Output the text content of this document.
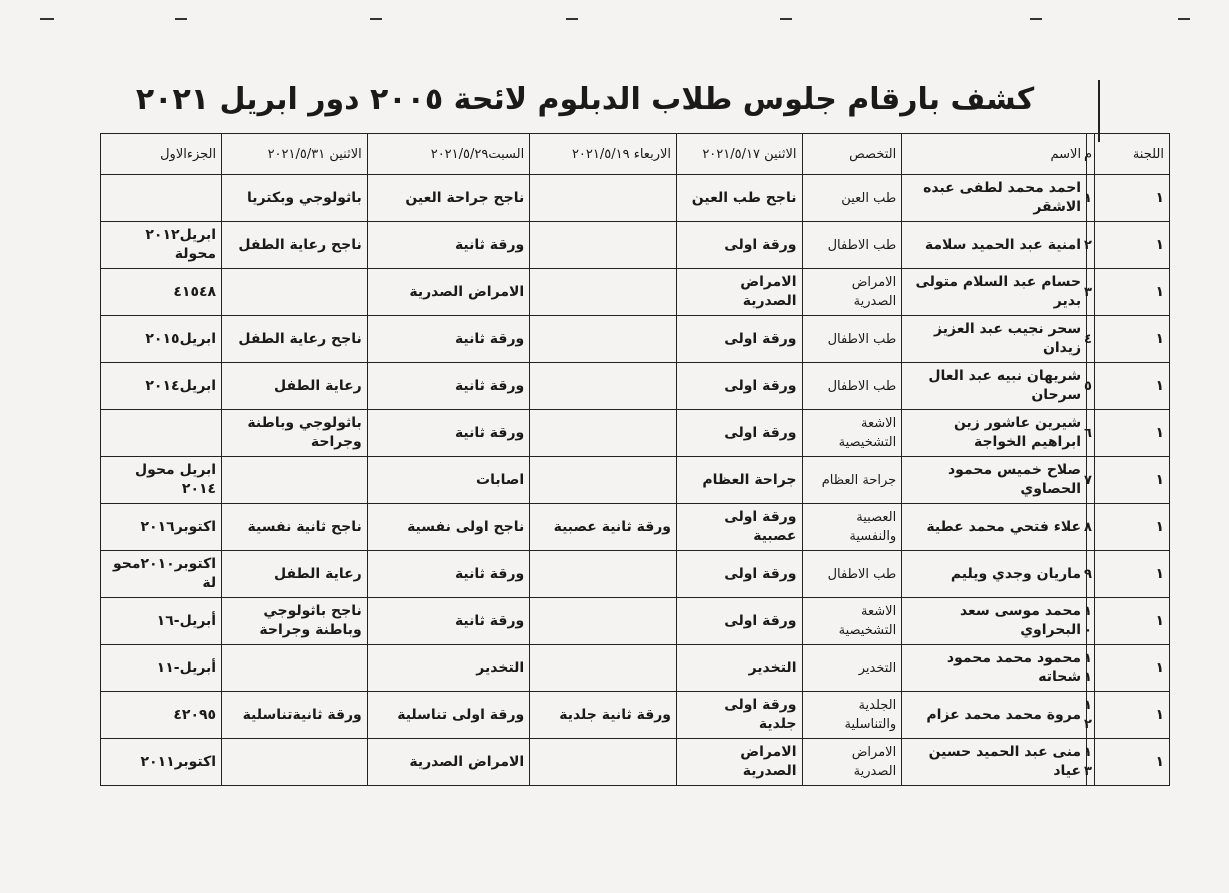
كشف بارقام جلوس طلاب الدبلوم لائحة ٢٠٠٥ دور ابريل ٢٠٢١
اللجنة	م	الاسم	التخصص	الاثنين ٢٠٢١/٥/١٧	الاربعاء ٢٠٢١/٥/١٩	السبت٢٠٢١/٥/٢٩	الاثنين ٢٠٢١/٥/٣١	الجزءالاول
١	١	احمد محمد لطفى عبده الاشقر	طب العين	ناجح طب العين		ناجح جراحة العين	باثولوجي وبكتريا	
١	٢	امنية عبد الحميد سلامة	طب الاطفال	ورقة اولى		ورقة ثانية	ناجح رعاية الطفل	ابريل٢٠١٢ محولة
١	٣	حسام عبد السلام متولى بدير	الامراض الصدرية	الامراض الصدرية		الامراض الصدرية		٤١٥٤٨
١	٤	سحر نجيب عبد العزيز زيدان	طب الاطفال	ورقة اولى		ورقة ثانية	ناجح رعاية الطفل	ابريل٢٠١٥
١	٥	شريهان نبيه عبد العال سرحان	طب الاطفال	ورقة اولى		ورقة ثانية	رعاية الطفل	ابريل٢٠١٤
١	٦	شيرين عاشور زين ابراهيم الخواجة	الاشعة التشخيصية	ورقة اولى		ورقة ثانية	باثولوجي وباطنة وجراحة	
١	٧	صلاح خميس محمود الحصاوي	جراحة العظام	جراحة العظام		اصابات		ابريل محول ٢٠١٤
١	٨	علاء فتحي محمد عطية	العصبية والنفسية	ورقة اولى عصبية	ورقة ثانية عصبية	ناجح اولى نفسية	ناجح ثانية نفسية	اكتوبر٢٠١٦
١	٩	ماريان وجدي ويليم	طب الاطفال	ورقة اولى		ورقة ثانية	رعاية الطفل	اكتوبر٢٠١٠محو لة
١	١٠	محمد موسى سعد البحراوي	الاشعة التشخيصية	ورقة اولى		ورقة ثانية	ناجح باثولوجي وباطنة وجراحة	أبريل-١٦
١	١١	محمود محمد محمود شحاته	التخدير	التخدير		التخدير		أبريل-١١
١	١٢	مروة محمد محمد عزام	الجلدية والتناسلية	ورقة اولى جلدية	ورقة ثانية جلدية	ورقة اولى تناسلية	ورقة ثانيةتناسلية	٤٢٠٩٥
١	١٣	منى عبد الحميد حسين عياد	الامراض الصدرية	الامراض الصدرية		الامراض الصدرية		اكتوبر٢٠١١
